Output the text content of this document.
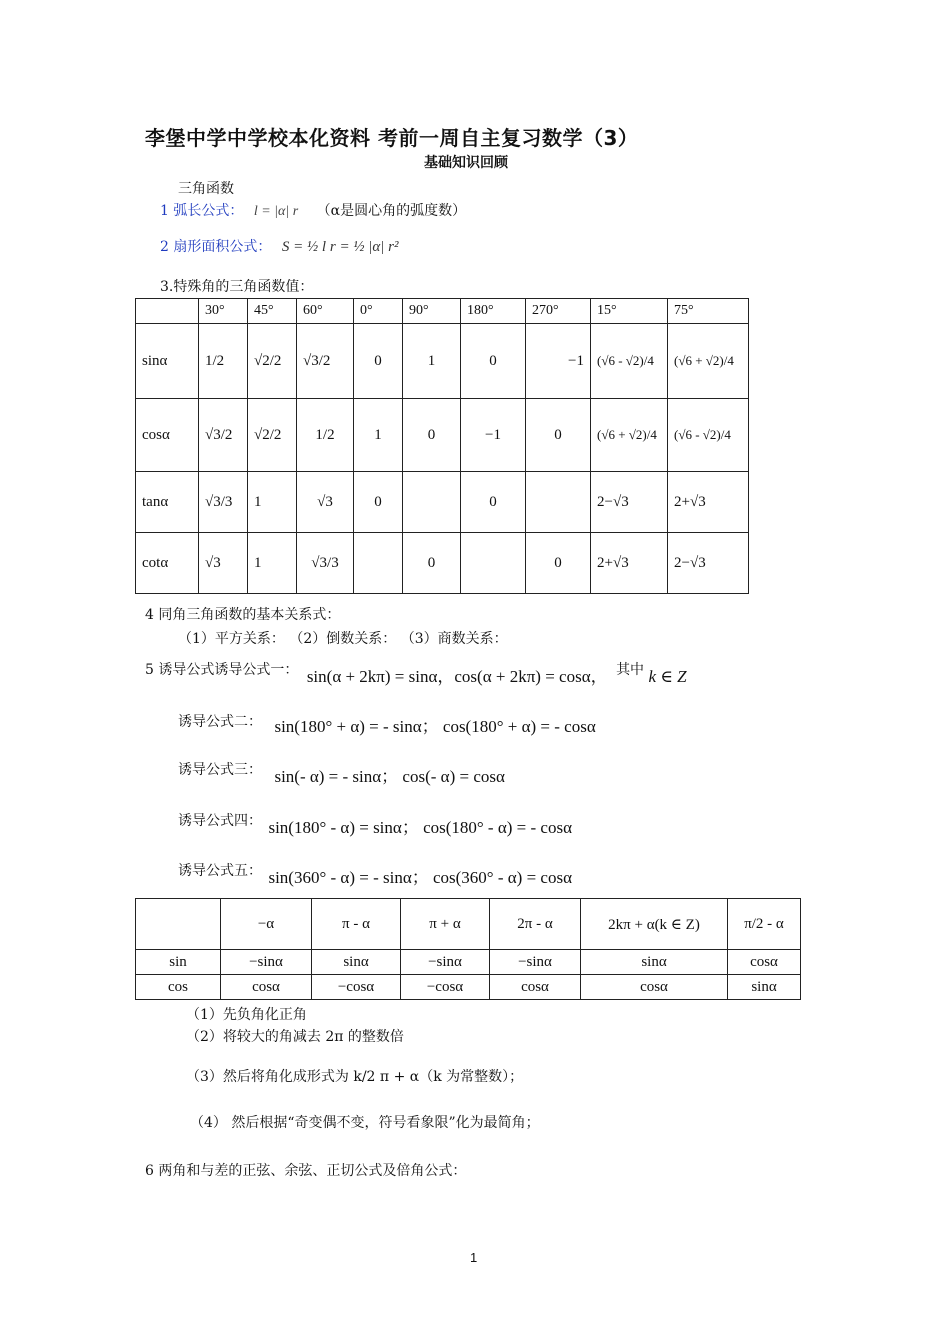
李堡中学中学校本化资料 考前一周自主复习数学（3）
基础知识回顾
三角函数
1 弧长公式： l = |α| r （α是圆心角的弧度数）
2 扇形面积公式： S = ½ l r = ½ |α| r²
3.特殊角的三角函数值：
	30°	45°	60°	0°	90°	180°	270°	15°	75°
sinα	1/2	√2/2	√3/2	0	1	0	−1	(√6 - √2)/4	(√6 + √2)/4
cosα	√3/2	√2/2	1/2	1	0	−1	0	(√6 + √2)/4	(√6 - √2)/4
tanα	√3/3	1	√3	0		0		2−√3	2+√3
cotα	√3	1	√3/3		0		0	2+√3	2−√3
4 同角三角函数的基本关系式：
（1）平方关系： （2）倒数关系： （3）商数关系：
5 诱导公式诱导公式一： sin(α + 2kπ) = sinα，cos(α + 2kπ) = cosα， 其中 k ∈ Z
诱导公式二： sin(180° + α) = - sinα； cos(180° + α) = - cosα
诱导公式三： sin(- α) = - sinα； cos(- α) = cosα
诱导公式四： sin(180° - α) = sinα； cos(180° - α) = - cosα
诱导公式五： sin(360° - α) = - sinα； cos(360° - α) = cosα
	−α	π - α	π + α	2π - α	2kπ + α(k ∈ Z)	π/2 - α
sin	−sinα	sinα	−sinα	−sinα	sinα	cosα
cos	cosα	−cosα	−cosα	cosα	cosα	sinα
（1）先负角化正角
（2）将较大的角减去 2π 的整数倍
（3）然后将角化成形式为 k/2 π + α（k 为常整数）；
（4） 然后根据“奇变偶不变，符号看象限”化为最简角；
6 两角和与差的正弦、余弦、正切公式及倍角公式：
1
